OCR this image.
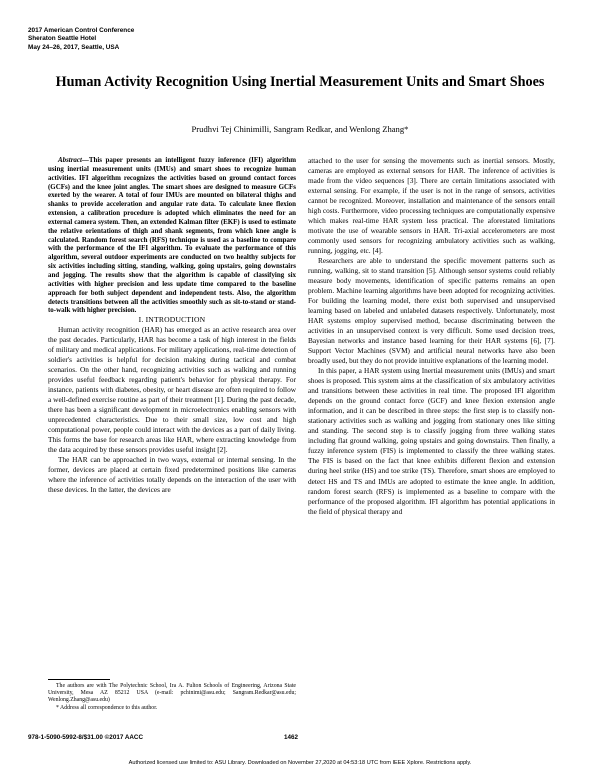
2017 American Control Conference
Sheraton Seattle Hotel
May 24–26, 2017, Seattle, USA
Human Activity Recognition Using Inertial Measurement Units and Smart Shoes
Prudhvi Tej Chinimilli, Sangram Redkar, and Wenlong Zhang*

Abstract—This paper presents an intelligent fuzzy inference (IFI) algorithm using inertial measurement units (IMUs) and smart shoes to recognize human activities. IFI algorithm recognizes the activities based on ground contact forces (GCFs) and the knee joint angles. The smart shoes are designed to measure GCFs exerted by the wearer. A total of four IMUs are mounted on bilateral thighs and shanks to provide acceleration and angular rate data. To calculate knee flexion extension, a calibration procedure is adopted which eliminates the need for an external camera system. Then, an extended Kalman filter (EKF) is used to estimate the relative orientations of thigh and shank segments, from which knee angle is calculated. Random forest search (RFS) technique is used as a baseline to compare with the performance of the IFI algorithm. To evaluate the performance of this algorithm, several outdoor experiments are conducted on two healthy subjects for six activities including sitting, standing, walking, going upstairs, going downstairs and jogging. The results show that the algorithm is capable of classifying six activities with higher precision and less update time compared to the baseline approach for both subject dependent and independent tests. Also, the algorithm detects transitions between all the activities smoothly such as sit-to-stand or stand-to-walk with higher precision.

I. INTRODUCTION

Human activity recognition (HAR) has emerged as an active research area over the past decades. Particularly, HAR has become a task of high interest in the fields of military and medical applications. For military applications, real-time detection of soldier's activities is helpful for decision making during tactical and combat scenarios. On the other hand, recognizing activities such as walking and running provides useful feedback regarding patient's behavior for physical therapy. For instance, patients with diabetes, obesity, or heart disease are often required to follow a well-defined exercise routine as part of their treatment [1]. During the past decade, there has been a significant development in microelectronics enabling sensors with unprecedented characteristics. Due to their small size, low cost and high computational power, people could interact with the devices as a part of daily living. This forms the base for research areas like HAR, where extracting knowledge from the data acquired by these sensors provides useful insight [2].

The HAR can be approached in two ways, external or internal sensing. In the former, devices are placed at certain fixed predetermined positions like cameras where the inference of activities totally depends on the interaction of the user with these devices. In the latter, the devices are

The authors are with The Polytechnic School, Ira A. Fulton Schools of Engineering, Arizona State University, Mesa AZ 85212 USA (e-mail: pchinimi@asu.edu; Sangram.Redkar@asu.edu; Wenlong.Zhang@asu.edu)

* Address all correspondence to this author.

attached to the user for sensing the movements such as inertial sensors. Mostly, cameras are employed as external sensors for HAR. The inference of activities is made from the video sequences [3]. There are certain limitations associated with external sensing. For example, if the user is not in the range of sensors, activities cannot be recognized. Moreover, installation and maintenance of the sensors entail high costs. Furthermore, video processing techniques are computationally expensive which makes real-time HAR system less practical. The aforestated limitations motivate the use of wearable sensors in HAR. Tri-axial accelerometers are most commonly used sensors for recognizing ambulatory activities such as walking, running, jogging, etc. [4].

Researchers are able to understand the specific movement patterns such as running, walking, sit to stand transition [5]. Although sensor systems could reliably measure body movements, identification of specific patterns remains an open problem. Machine learning algorithms have been adopted for recognizing activities. For building the learning model, there exist both supervised and unsupervised learning based on labeled and unlabeled datasets respectively. Unfortunately, most HAR systems employ supervised method, because discriminating between the activities in an unsupervised context is very difficult. Some used decision trees, Bayesian networks and instance based learning for their HAR systems [6], [7]. Support Vector Machines (SVM) and artificial neural networks have also been broadly used, but they do not provide intuitive explanations of the learning model.

In this paper, a HAR system using Inertial measurement units (IMUs) and smart shoes is proposed. This system aims at the classification of six ambulatory activities and transitions between these activities in real time. The proposed IFI algorithm depends on the ground contact force (GCF) and knee flexion extension angle information, and it can be described in three steps: the first step is to classify non-stationary activities such as walking and jogging from stationary ones like sitting and standing. The second step is to classify jogging from three walking states including flat ground walking, going upstairs and going downstairs. Then finally, a fuzzy inference system (FIS) is implemented to classify the three walking states. The FIS is based on the fact that knee exhibits different flexion and extension during heel strike (HS) and toe strike (TS). Therefore, smart shoes are employed to detect HS and TS and IMUs are adopted to estimate the knee angle. In addition, random forest search (RFS) is implemented as a baseline to compare with the performance of the proposed algorithm. IFI algorithm has potential applications in the field of physical therapy and

978-1-5090-5992-8/$31.00 ©2017 AACC	1462
Authorized licensed use limited to: ASU Library. Downloaded on November 27,2020 at 04:53:18 UTC from IEEE Xplore. Restrictions apply.
